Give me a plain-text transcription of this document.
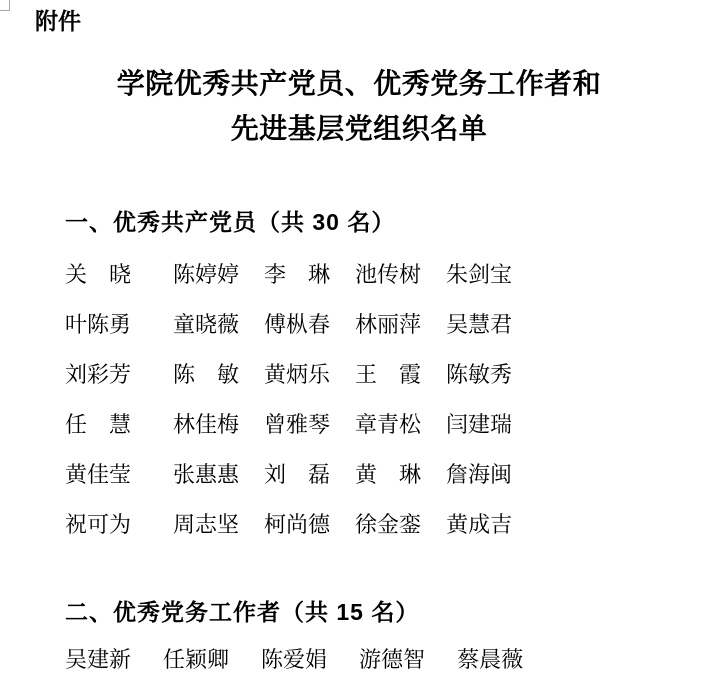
附件
学院优秀共产党员、优秀党务工作者和
先进基层党组织名单
一、优秀共产党员（共 30 名）
关 晓 陈婷婷 李 琳 池传树 朱剑宝
叶陈勇 童晓薇 傅枞春 林丽萍 吴慧君
刘彩芳 陈 敏 黄炳乐 王 霞 陈敏秀
任 慧 林佳梅 曾雅琴 章青松 闫建瑞
黄佳莹 张惠惠 刘 磊 黄 琳 詹海闽
祝可为 周志坚 柯尚德 徐金銮 黄成吉
二、优秀党务工作者（共 15 名）
吴建新 任颖卿 陈爱娟 游德智 蔡晨薇
